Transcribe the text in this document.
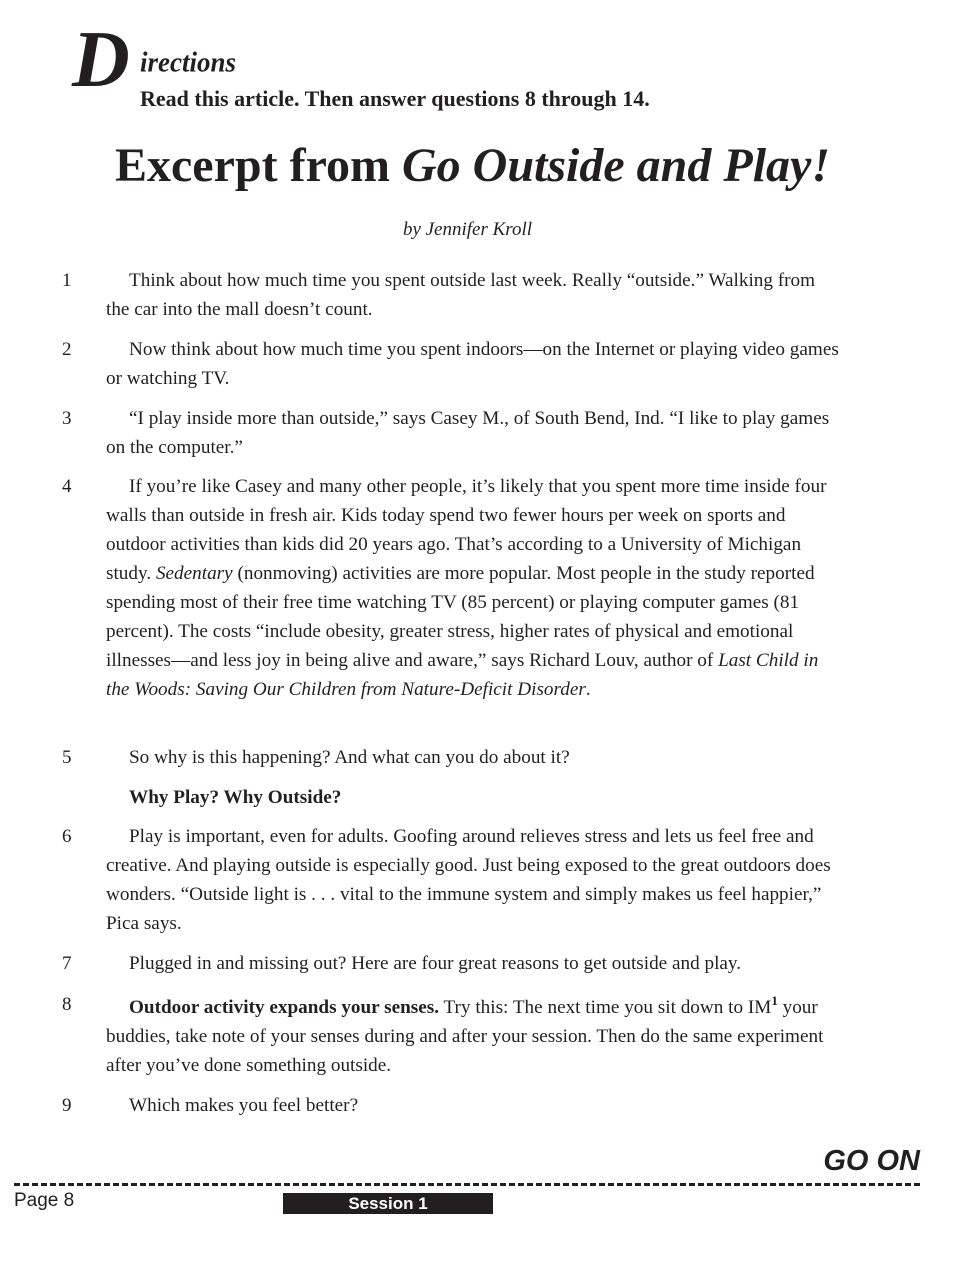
D irections
Read this article. Then answer questions 8 through 14.
Excerpt from Go Outside and Play!
by Jennifer Kroll
1	Think about how much time you spent outside last week. Really “outside.” Walking from the car into the mall doesn’t count.
2	Now think about how much time you spent indoors—on the Internet or playing video games or watching TV.
3	“I play inside more than outside,” says Casey M., of South Bend, Ind. “I like to play games on the computer.”
4	If you’re like Casey and many other people, it’s likely that you spent more time inside four walls than outside in fresh air. Kids today spend two fewer hours per week on sports and outdoor activities than kids did 20 years ago. That’s according to a University of Michigan study. Sedentary (nonmoving) activities are more popular. Most people in the study reported spending most of their free time watching TV (85 percent) or playing computer games (81 percent). The costs “include obesity, greater stress, higher rates of physical and emotional illnesses—and less joy in being alive and aware,” says Richard Louv, author of Last Child in the Woods: Saving Our Children from Nature-Deficit Disorder.
5	So why is this happening? And what can you do about it?
Why Play? Why Outside?
6	Play is important, even for adults. Goofing around relieves stress and lets us feel free and creative. And playing outside is especially good. Just being exposed to the great outdoors does wonders. “Outside light is . . . vital to the immune system and simply makes us feel happier,” Pica says.
7	Plugged in and missing out? Here are four great reasons to get outside and play.
8	Outdoor activity expands your senses. Try this: The next time you sit down to $IM^1$ your buddies, take note of your senses during and after your session. Then do the same experiment after you’ve done something outside.
9	Which makes you feel better?
GO ON
Page 8	Session 1
